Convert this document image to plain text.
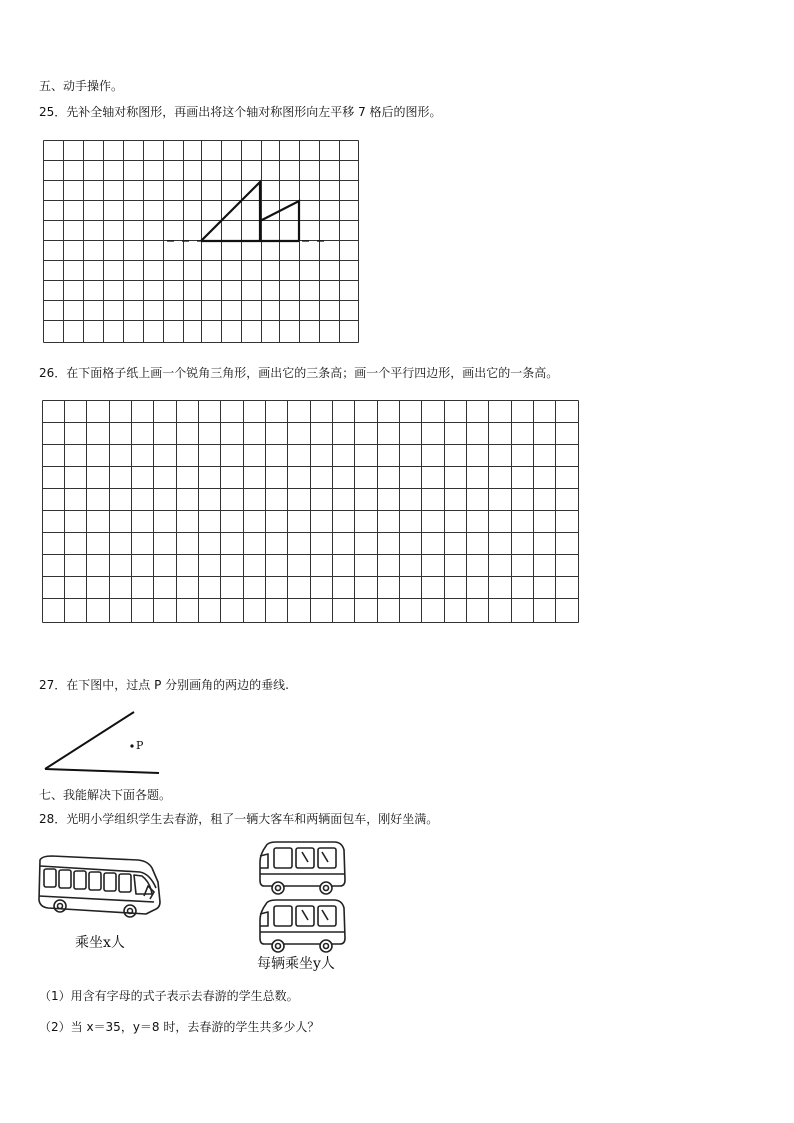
五、动手操作。
25．先补全轴对称图形，再画出将这个轴对称图形向左平移 7 格后的图形。
26．在下面格子纸上画一个锐角三角形，画出它的三条高；画一个平行四边形，画出它的一条高。
27．在下图中，过点 P 分别画角的两边的垂线.
P
七、我能解决下面各题。
28．光明小学组织学生去春游，租了一辆大客车和两辆面包车，刚好坐满。
乘坐x人
每辆乘坐y人
（1）用含有字母的式子表示去春游的学生总数。
（2）当 x＝35，y＝8 时，去春游的学生共多少人？
